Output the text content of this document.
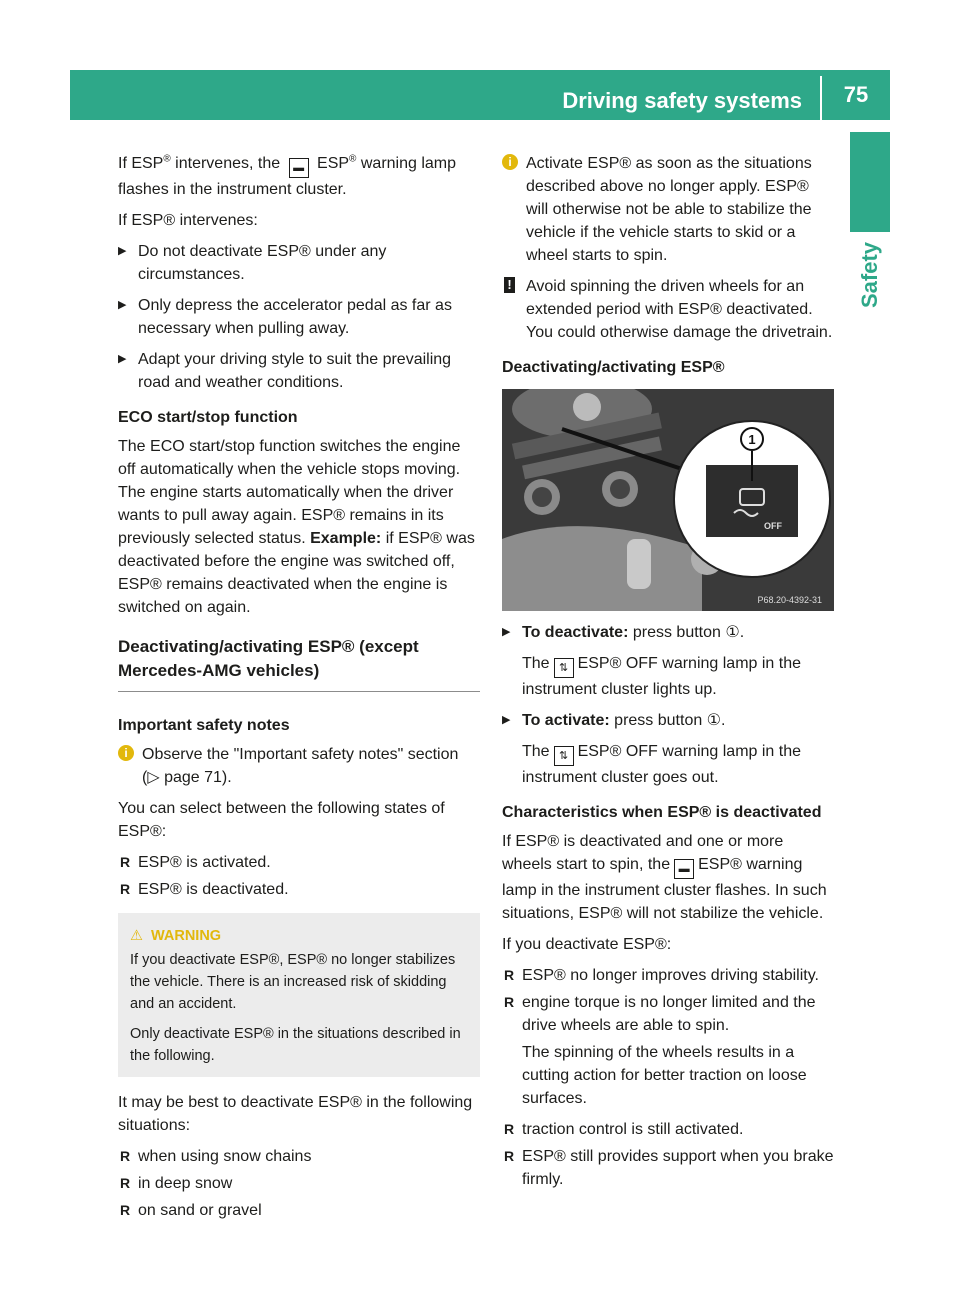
Driving safety systems	75
Safety

If ESP® intervenes, the ▬ ESP® warning lamp flashes in the instrument cluster.

If ESP® intervenes:

▶ Do not deactivate ESP® under any circumstances.
▶ Only depress the accelerator pedal as far as necessary when pulling away.
▶ Adapt your driving style to suit the prevailing road and weather conditions.
ECO start/stop function

The ECO start/stop function switches the engine off automatically when the vehicle stops moving. The engine starts automatically when the driver wants to pull away again. ESP® remains in its previously selected status. Example: if ESP® was deactivated before the engine was switched off, ESP® remains deactivated when the engine is switched on again.

Deactivating/activating ESP® (except Mercedes-AMG vehicles)
Important safety notes
i Observe the "Important safety notes" section (▷ page 71).

You can select between the following states of ESP®:

R ESP® is activated.
R ESP® is deactivated.
⚠ WARNING

If you deactivate ESP®, ESP® no longer stabilizes the vehicle. There is an increased risk of skidding and an accident.

Only deactivate ESP® in the situations described in the following.

It may be best to deactivate ESP® in the following situations:

R when using snow chains
R in deep snow
R on sand or gravel
i Activate ESP® as soon as the situations described above no longer apply. ESP® will otherwise not be able to stabilize the vehicle if the vehicle starts to skid or a wheel starts to spin.
! Avoid spinning the driven wheels for an extended period with ESP® deactivated. You could otherwise damage the drivetrain.
Deactivating/activating ESP®
1
OFF
P68.20-4392-31
▶ To deactivate: press button ①.

The ⇅ ESP® OFF warning lamp in the instrument cluster lights up.

▶ To activate: press button ①.

The ⇅ ESP® OFF warning lamp in the instrument cluster goes out.

Characteristics when ESP® is deactivated

If ESP® is deactivated and one or more wheels start to spin, the ▬ ESP® warning lamp in the instrument cluster flashes. In such situations, ESP® will not stabilize the vehicle.

If you deactivate ESP®:

R ESP® no longer improves driving stability.
R engine torque is no longer limited and the drive wheels are able to spin.

The spinning of the wheels results in a cutting action for better traction on loose surfaces.

R traction control is still activated.
R ESP® still provides support when you brake firmly.
